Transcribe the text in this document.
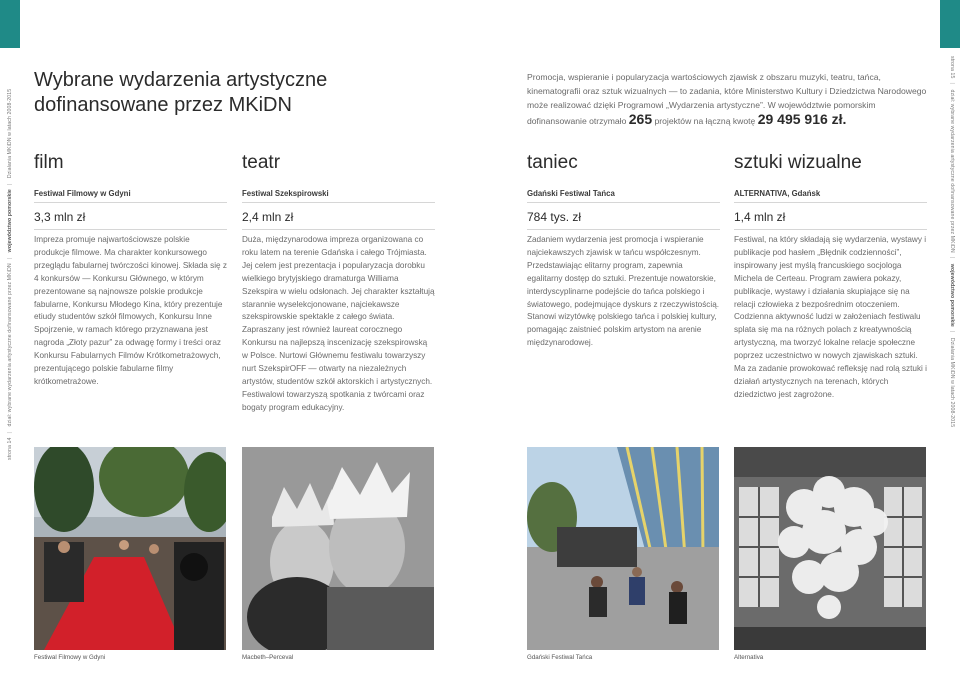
strona 14| dział: wybrane wydarzenia artystyczne dofinansowane przez MKiDN| województwo pomorskie| Działania MKiDN w latach 2008-2015
strona 15| dział: wybrane wydarzenia artystyczne dofinansowane przez MKiDN| województwo pomorskie| Działania MKiDN w latach 2008-2015
Wybrane wydarzenia artystyczne dofinansowane przez MKiDN
Promocja, wspieranie i popularyzacja wartościowych zjawisk z obszaru muzyki, teatru, tańca, kinematografii oraz sztuk wizualnych — to zadania, które Ministerstwo Kultury i Dziedzictwa Narodowego może realizować dzięki Programowi „Wydarzenia artystyczne”. W województwie pomorskim dofinansowanie otrzymało 265 projektów na łączną kwotę 29 495 916 zł.
film
Festiwal Filmowy w Gdyni
3,3 mln zł
Impreza promuje najwartościowsze polskie produkcje filmowe. Ma charakter konkursowego przeglądu fabularnej twórczości kinowej. Składa się z 4 konkursów — Konkursu Głównego, w którym prezentowane są najnowsze polskie produkcje fabularne, Konkursu Młodego Kina, który prezentuje etiudy studentów szkół filmowych, Konkursu Inne Spojrzenie, w ramach którego przyznawana jest nagroda „Złoty pazur” za odwagę formy i treści oraz Konkursu Fabularnych Filmów Krótkometrażowych, prezentującego polskie fabularne filmy krótkometrażowe.
teatr
Festiwal Szekspirowski
2,4 mln zł
Duża, międzynarodowa impreza organizowana co roku latem na terenie Gdańska i całego Trójmiasta. Jej celem jest prezentacja i popularyzacja dorobku wielkiego brytyjskiego dramaturga Williama Szekspira w wielu odsłonach. Jej charakter kształtują starannie wyselekcjonowane, najciekawsze szekspirowskie spektakle z całego świata. Zapraszany jest również laureat corocznego Konkursu na najlepszą inscenizację szekspirowską w Polsce. Nurtowi Głównemu festiwalu towarzyszy nurt SzekspirOFF — otwarty na niezależnych artystów, studentów szkół aktorskich i artystycznych. Festiwalowi towarzyszą spotkania z twórcami oraz bogaty program edukacyjny.
taniec
Gdański Festiwal Tańca
784 tys. zł
Zadaniem wydarzenia jest promocja i wspieranie najciekawszych zjawisk w tańcu współczesnym. Przedstawiając elitarny program, zapewnia egalitarny dostęp do sztuki. Prezentuje nowatorskie, interdyscyplinarne podejście do tańca polskiego i światowego, podejmujące dyskurs z rzeczywistością. Stanowi wizytówkę polskiego tańca i polskiej kultury, pomagając zaistnieć polskim artystom na arenie międzynarodowej.
sztuki wizualne
ALTERNATIVA, Gdańsk
1,4 mln zł
Festiwal, na który składają się wydarzenia, wystawy i publikacje pod hasłem „Błędnik codzienności”, inspirowany jest myślą francuskiego socjologa Michela de Certeau. Program zawiera pokazy, publikacje, wystawy i działania skupiające się na relacji człowieka z bezpośrednim otoczeniem. Codzienna aktywność ludzi w założeniach festiwalu splata się ma na różnych polach z kreatywnością artystyczną, ma tworzyć lokalne relacje społeczne poprzez uczestnictwo w nowych zjawiskach sztuki. Ma za zadanie prowokować refleksję nad rolą sztuki i działań artystycznych na terenach, których dziedzictwo jest zagrożone.
Festiwal Filmowy w Gdyni	Macbeth–Perceval	Gdański Festiwal Tańca	Alternativa
